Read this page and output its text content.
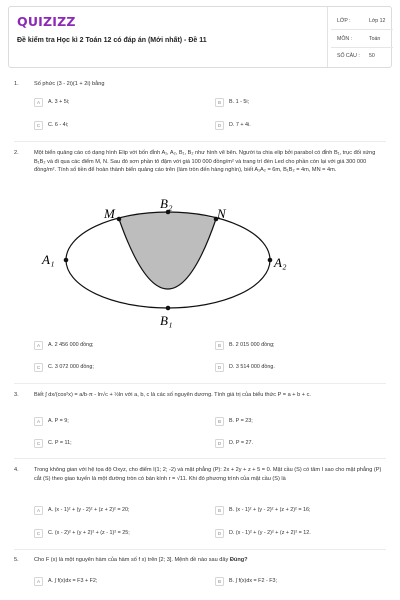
QUIZIZZ
Đề kiểm tra Học kì 2 Toán 12 có đáp án (Mới nhất) - Đề 11
LỚP :	Lớp 12
MÔN :	Toán
SỐ CÂU : 50
1.	Số phức (3 - 2i)(1 + 2i) bằng
A	A. 3 + 5i;	B	B. 1 - 5i;
C	C. 6 - 4i;	D	D. 7 + 4i.
2.	Một biển quảng cáo có dạng hình Elip với bốn đỉnh A₁, A₂, B₁, B₂ như hình vẽ bên. Người ta chia elip bởi parabol có đỉnh B₁, trục đối xứng B₁B₂ và đi qua các điểm M, N. Sau đó sơn phần tô đậm với giá 100 000 đồng/m² và trang trí đèn Led cho phần còn lại với giá 300 000 đồng/m². Tính số tiền để hoàn thành biển quảng cáo trên (làm tròn đến hàng nghìn), biết A₁A₂ = 6m, B₁B₂ = 4m, MN = 4m.
A₁	A₂
B₂
B₁
M	N
A	A. 2 456 000 đồng;	B	B. 2 015 000 đồng;
C	C. 3 072 000 đồng;	D	D. 3 514 000 đồng.
3.	Biết ∫ dx/(cos²x) = a/b·π - ln√c + ½ln với a, b, c là các số nguyên dương. Tính giá trị của biểu thức P = a + b + c.
A	A. P = 9;	B	B. P = 23;
C	C. P = 11;	D	D. P = 27.
4.	Trong không gian với hệ tọa độ Oxyz, cho điểm I(1; 2; -2) và mặt phẳng (P): 2x + 2y + z + 5 = 0. Mặt cầu (S) có tâm I sao cho mặt phẳng (P) cắt (S) theo giao tuyến là một đường tròn có bán kính r = √11. Khi đó phương trình của mặt cầu (S) là
A	A. (x - 1)² + (y - 2)² + (z + 2)² = 20;	B	B. (x - 1)² + (y - 2)² + (z + 2)² = 16;
C	C. (x - 2)² + (y + 2)² + (z - 1)² = 25;	D	D. (x - 1)² + (y - 2)² + (z + 2)² = 12.
5.	Cho F (x) là một nguyên hàm của hàm số f x) trên [2; 3]. Mệnh đề nào sau đây Đúng?
A	A. ∫ f(x)dx = F3 + F2;	B	B. ∫ f(x)dx = F2 - F3;
